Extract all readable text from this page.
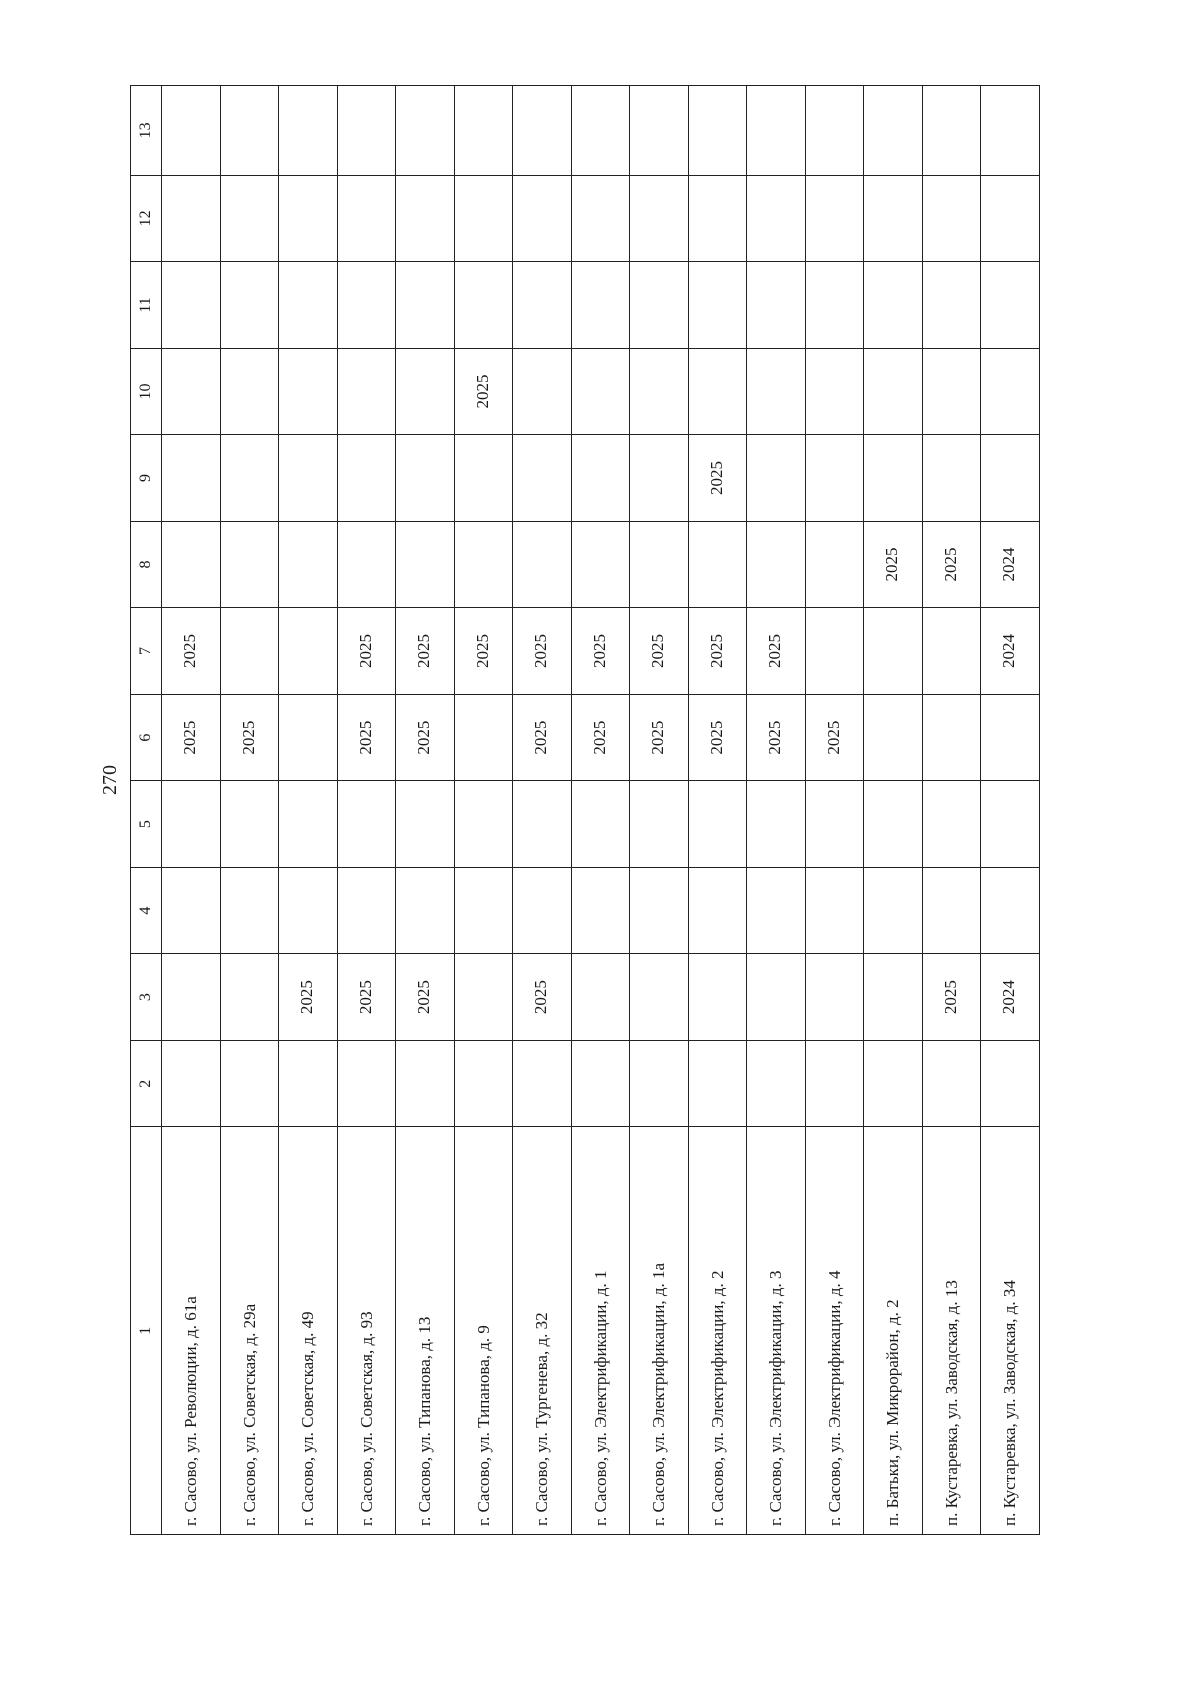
270
1	2	3	4	5	6	7	8	9	10	11	12	13
г. Сасово, ул. Революции, д. 61а					2025	2025						
г. Сасово, ул. Советская, д. 29а					2025							
г. Сасово, ул. Советская, д. 49		2025										
г. Сасово, ул. Советская, д. 93		2025			2025	2025						
г. Сасово, ул. Типанова, д. 13		2025			2025	2025						
г. Сасово, ул. Типанова, д. 9						2025			2025			
г. Сасово, ул. Тургенева, д. 32		2025			2025	2025						
г. Сасово, ул. Электрификации, д. 1					2025	2025						
г. Сасово, ул. Электрификации, д. 1а					2025	2025						
г. Сасово, ул. Электрификации, д. 2					2025	2025		2025				
г. Сасово, ул. Электрификации, д. 3					2025	2025						
г. Сасово, ул. Электрификации, д. 4					2025							
п. Батьки, ул. Микрорайон, д. 2							2025					
п. Кустаревка, ул. Заводская, д. 13		2025					2025					
п. Кустаревка, ул. Заводская, д. 34		2024				2024	2024					
